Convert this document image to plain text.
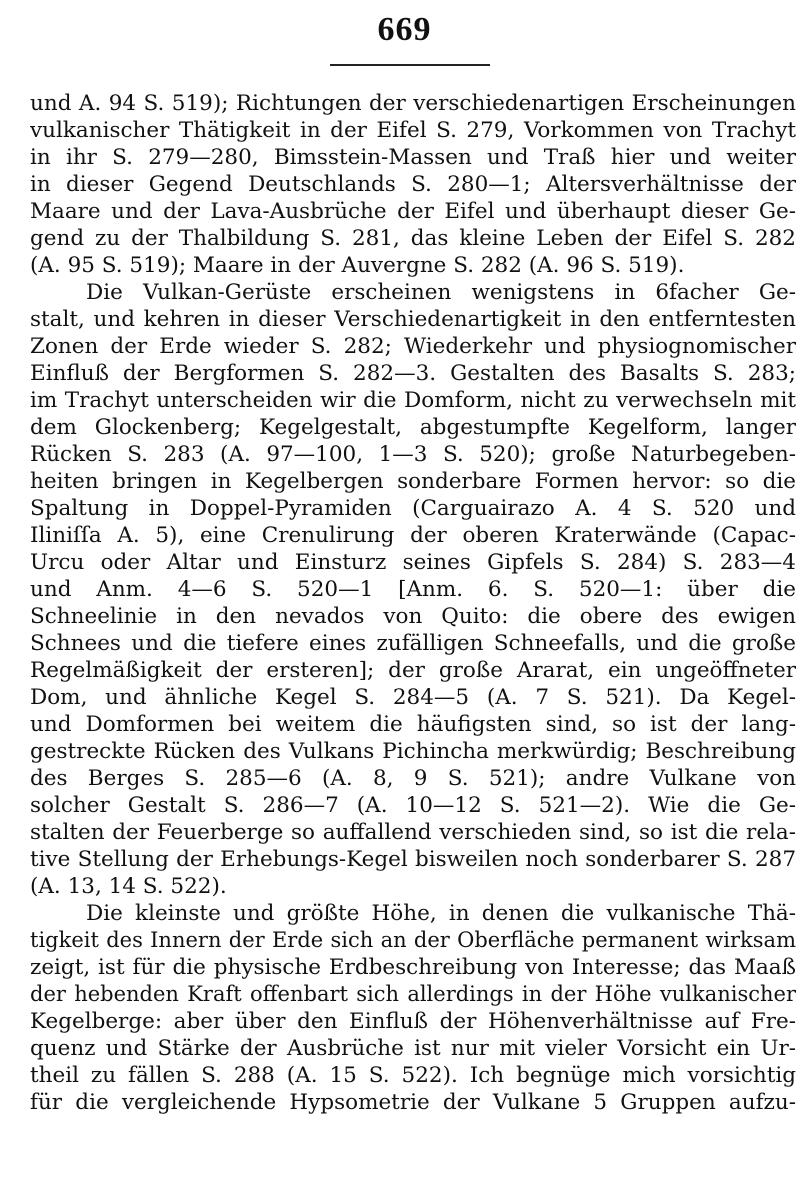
669
und A. 94 S. 519); Richtungen der verschiedenartigen Erscheinungen
vulkanischer Thätigkeit in der Eifel S. 279, Vorkommen von Trachyt
in ihr S. 279—280, Bimsstein-Massen und Traß hier und weiter
in dieser Gegend Deutschlands S. 280—1; Altersverhältnisse der
Maare und der Lava-Ausbrüche der Eifel und überhaupt dieser Ge-
gend zu der Thalbildung S. 281, das kleine Leben der Eifel S. 282
(A. 95 S. 519); Maare in der Auvergne S. 282 (A. 96 S. 519).
Die Vulkan-Gerüste erscheinen wenigstens in 6facher Ge-
stalt, und kehren in dieser Verschiedenartigkeit in den entferntesten
Zonen der Erde wieder S. 282; Wiederkehr und physiognomischer
Einfluß der Bergformen S. 282—3. Gestalten des Basalts S. 283;
im Trachyt unterscheiden wir die Domform, nicht zu verwechseln mit
dem Glockenberg; Kegelgestalt, abgestumpfte Kegelform, langer
Rücken S. 283 (A. 97—100, 1—3 S. 520); große Naturbegeben-
heiten bringen in Kegelbergen sonderbare Formen hervor: so die
Spaltung in Doppel-Pyramiden (Carguairazo A. 4 S. 520 und
Iliniſſa A. 5), eine Crenulirung der oberen Kraterwände (Capac-
Urcu oder Altar und Einsturz seines Gipfels S. 284) S. 283—4
und Anm. 4—6 S. 520—1 [Anm. 6. S. 520—1: über die
Schneelinie in den nevados von Quito: die obere des ewigen
Schnees und die tiefere eines zufälligen Schneefalls, und die große
Regelmäßigkeit der ersteren]; der große Ararat, ein ungeöffneter
Dom, und ähnliche Kegel S. 284—5 (A. 7 S. 521). Da Kegel-
und Domformen bei weitem die häufigsten sind, so ist der lang-
gestreckte Rücken des Vulkans Pichincha merkwürdig; Beschreibung
des Berges S. 285—6 (A. 8, 9 S. 521); andre Vulkane von
solcher Gestalt S. 286—7 (A. 10—12 S. 521—2). Wie die Ge-
stalten der Feuerberge so auffallend verschieden sind, so ist die rela-
tive Stellung der Erhebungs-Kegel bisweilen noch sonderbarer S. 287
(A. 13, 14 S. 522).
Die kleinste und größte Höhe, in denen die vulkanische Thä-
tigkeit des Innern der Erde sich an der Oberfläche permanent wirksam
zeigt, ist für die physische Erdbeschreibung von Interesse; das Maaß
der hebenden Kraft offenbart sich allerdings in der Höhe vulkanischer
Kegelberge: aber über den Einfluß der Höhenverhältnisse auf Fre-
quenz und Stärke der Ausbrüche ist nur mit vieler Vorsicht ein Ur-
theil zu fällen S. 288 (A. 15 S. 522). Ich begnüge mich vorsichtig
für die vergleichende Hypsometrie der Vulkane 5 Gruppen aufzu-
